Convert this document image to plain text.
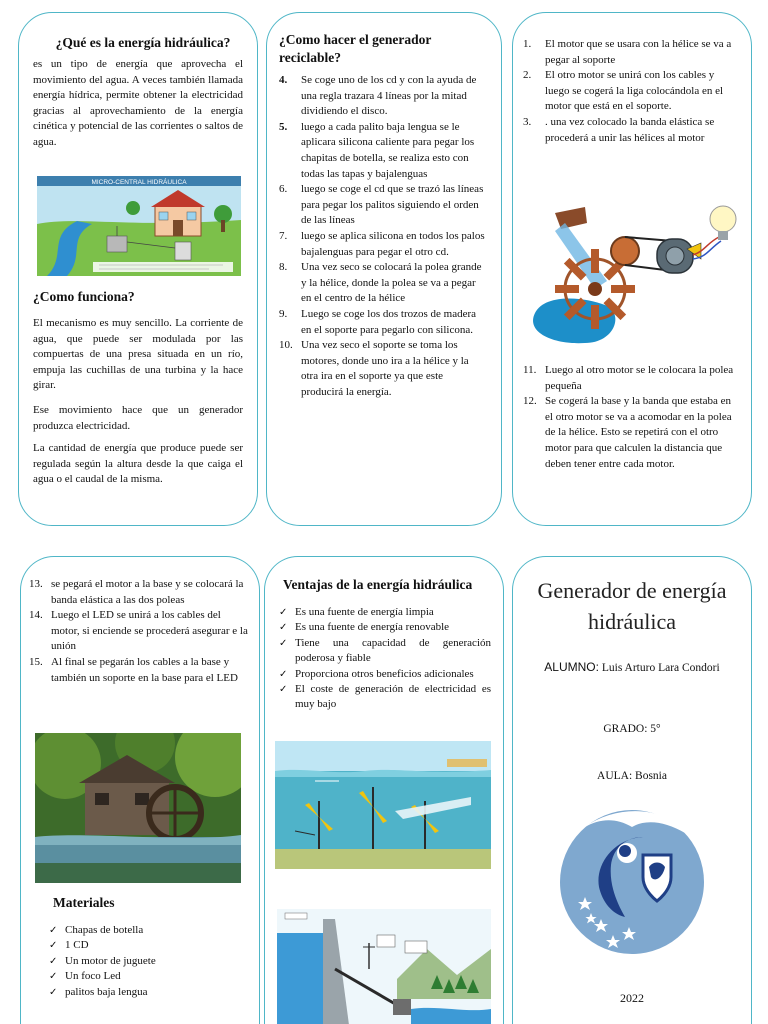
¿Qué es la energía hidráulica?
es un tipo de energía que aprovecha el movimiento del agua. A veces también llamada energía hídrica, permite obtener la electricidad gracias al aprovechamiento de la energía cinética y potencial de las corrientes o saltos de agua.
MICRO-CENTRAL HIDRÁULICA
¿Como funciona?
El mecanismo es muy sencillo. La corriente de agua, que puede ser modulada por las compuertas de una presa situada en un río, empuja las cuchillas de una turbina y la hace girar.
Ese movimiento hace que un generador produzca electricidad.
La cantidad de energía que produce puede ser regulada según la altura desde la que caiga el agua o el caudal de la misma.
¿Como hacer el generador reciclable?
4. Se coge uno de los cd y con la ayuda de una regla trazara 4 líneas por la mitad dividiendo el disco.
5. luego a cada palito baja lengua se le aplicara silicona caliente para pegar los chapitas de botella, se realiza esto con todas las tapas y bajalenguas
6. luego se coge el cd que se trazó las líneas para pegar los palitos siguiendo el orden de las líneas
7. luego se aplica silicona en todos los palos bajalenguas para pegar el otro cd.
8. Una vez seco se colocará la polea grande y la hélice, donde la polea se va a pegar en el centro de la hélice
9. Luego se coge los dos trozos de madera en el soporte para pegarlo con silicona.
10. Una vez seco el soporte se toma los motores, donde uno ira a la hélice y la otra ira en el soporte ya que este producirá la energía.
1. El motor que se usara con la hélice se va a pegar al soporte
2. El otro motor se unirá con los cables y luego se cogerá la liga colocándola en el motor que está en el soporte.
3. . una vez colocado la banda elástica se procederá a unir las hélices al motor
11. Luego al otro motor se le colocara la polea pequeña
12. Se cogerá la base y la banda que estaba en el otro motor se va a acomodar en la polea de la hélice. Esto se repetirá con el otro motor para que calculen la distancia que deben tener entre cada motor.
13. se pegará el motor a la base y se colocará la banda elástica a las dos poleas
14. Luego el LED se unirá a los cables del motor, si enciende se procederá asegurar e la unión
15. Al final se pegarán los cables a la base y también un soporte en la base para el LED
Materiales
✓ Chapas de botella
✓ 1 CD
✓ Un motor de juguete
✓ Un foco Led
✓ palitos baja lengua
Ventajas de la energía hidráulica
✓ Es una fuente de energía limpia
✓ Es una fuente de energía renovable
✓ Tiene una capacidad de generación poderosa y fiable
✓ Proporciona otros beneficios adicionales
✓ El coste de generación de electricidad es muy bajo
Generador de energía hidráulica
ALUMNO: Luis Arturo Lara Condori
GRADO: 5°
AULA: Bosnia
2022
